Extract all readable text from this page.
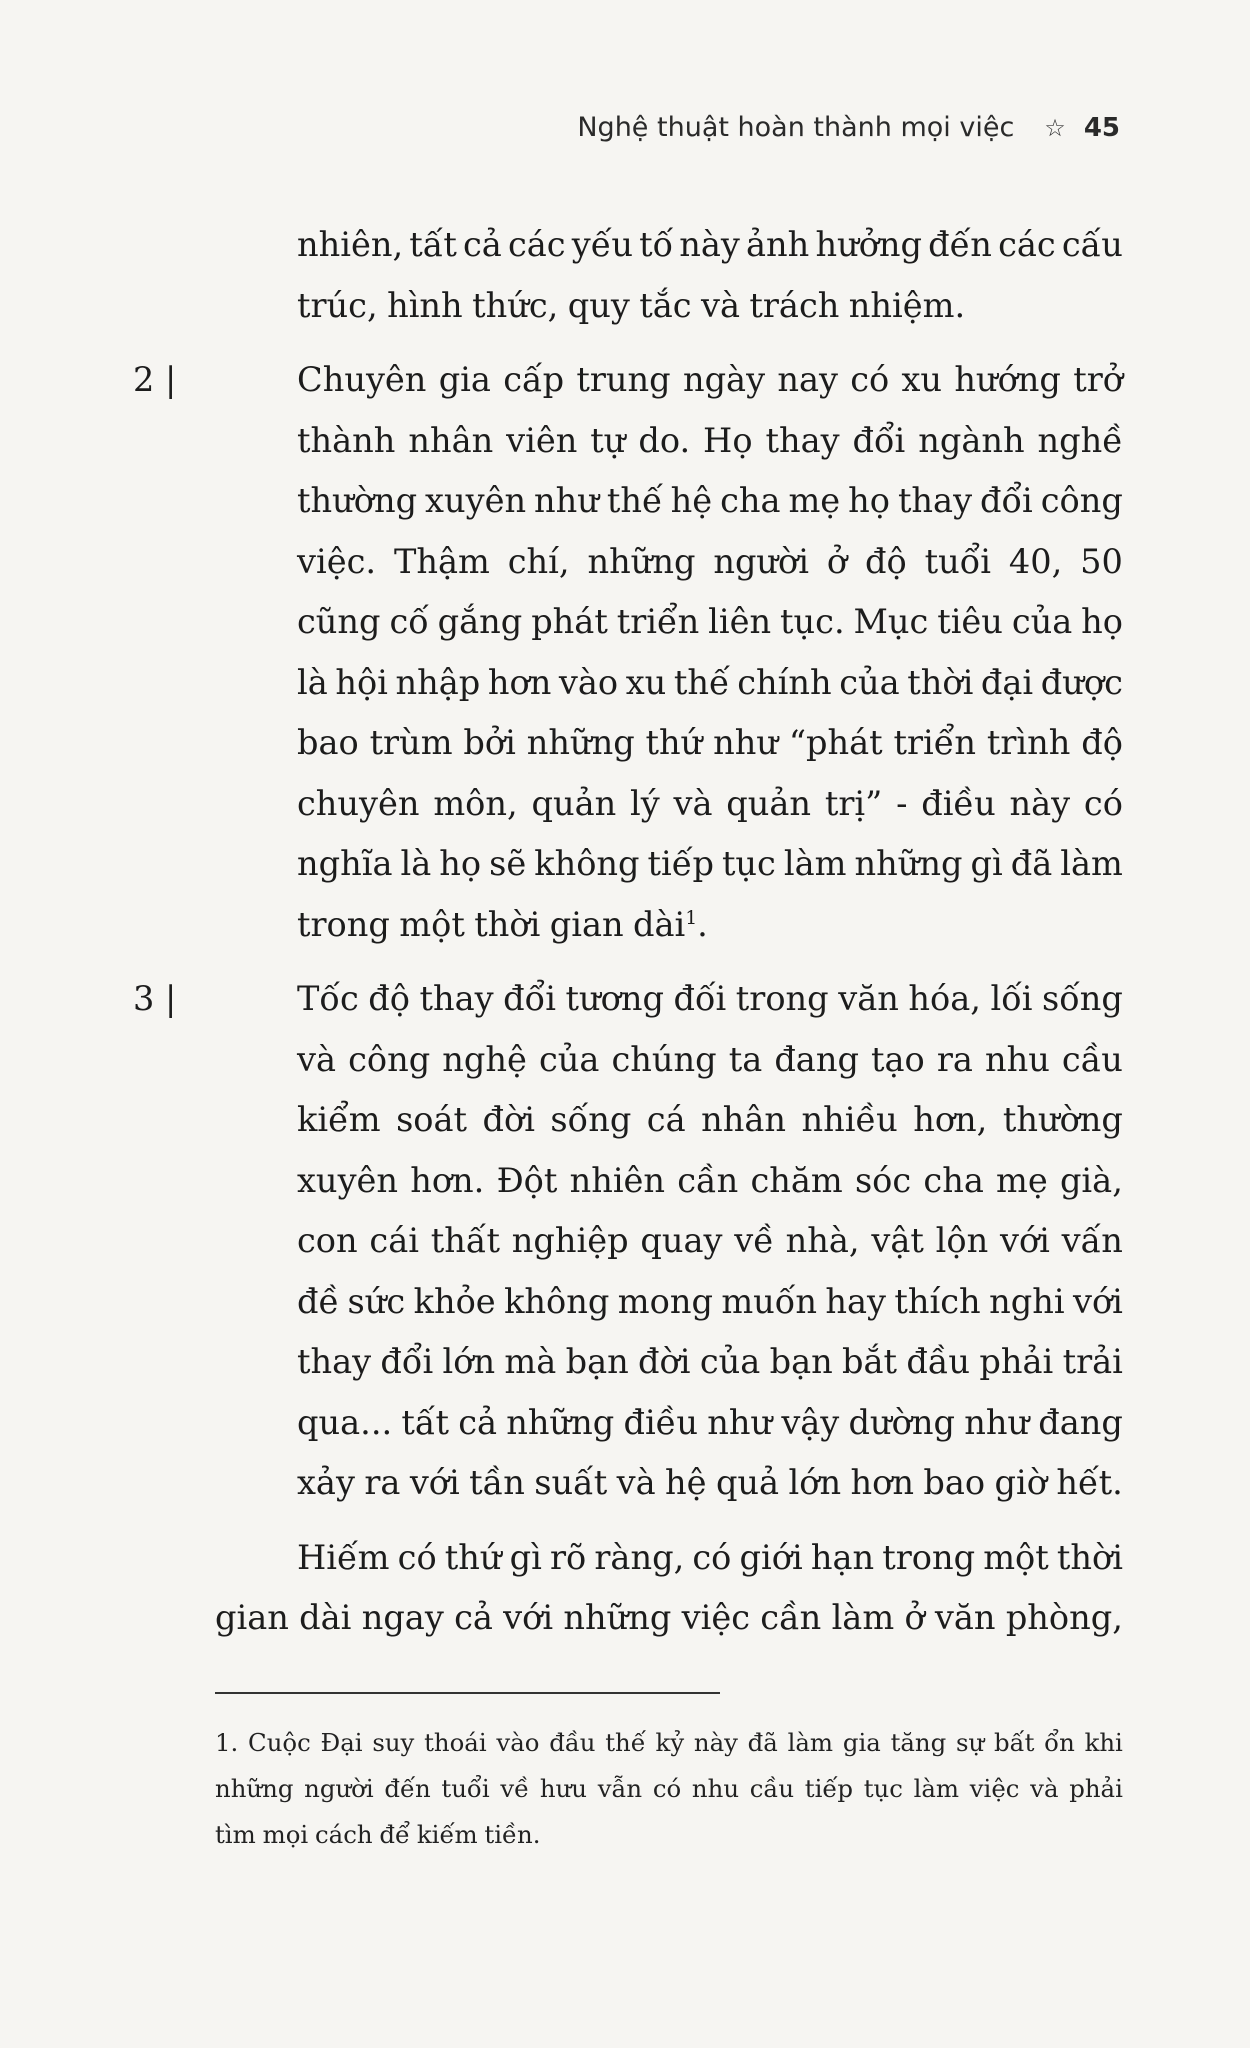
Nghệ thuật hoàn thành mọi việc ☆ 45
nhiên, tất cả các yếu tố này ảnh hưởng đến các cấu
trúc, hình thức, quy tắc và trách nhiệm.
2 |	Chuyên gia cấp trung ngày nay có xu hướng trở
thành nhân viên tự do. Họ thay đổi ngành nghề
thường xuyên như thế hệ cha mẹ họ thay đổi công
việc. Thậm chí, những người ở độ tuổi 40, 50
cũng cố gắng phát triển liên tục. Mục tiêu của họ
là hội nhập hơn vào xu thế chính của thời đại được
bao trùm bởi những thứ như “phát triển trình độ
chuyên môn, quản lý và quản trị” - điều này có
nghĩa là họ sẽ không tiếp tục làm những gì đã làm
trong một thời gian dài$^1$.
3 |	Tốc độ thay đổi tương đối trong văn hóa, lối sống
và công nghệ của chúng ta đang tạo ra nhu cầu
kiểm soát đời sống cá nhân nhiều hơn, thường
xuyên hơn. Đột nhiên cần chăm sóc cha mẹ già,
con cái thất nghiệp quay về nhà, vật lộn với vấn
đề sức khỏe không mong muốn hay thích nghi với
thay đổi lớn mà bạn đời của bạn bắt đầu phải trải
qua... tất cả những điều như vậy dường như đang
xảy ra với tần suất và hệ quả lớn hơn bao giờ hết.
Hiếm có thứ gì rõ ràng, có giới hạn trong một thời
gian dài ngay cả với những việc cần làm ở văn phòng,
1. Cuộc Đại suy thoái vào đầu thế kỷ này đã làm gia tăng sự bất ổn khi
những người đến tuổi về hưu vẫn có nhu cầu tiếp tục làm việc và phải
tìm mọi cách để kiếm tiền.
